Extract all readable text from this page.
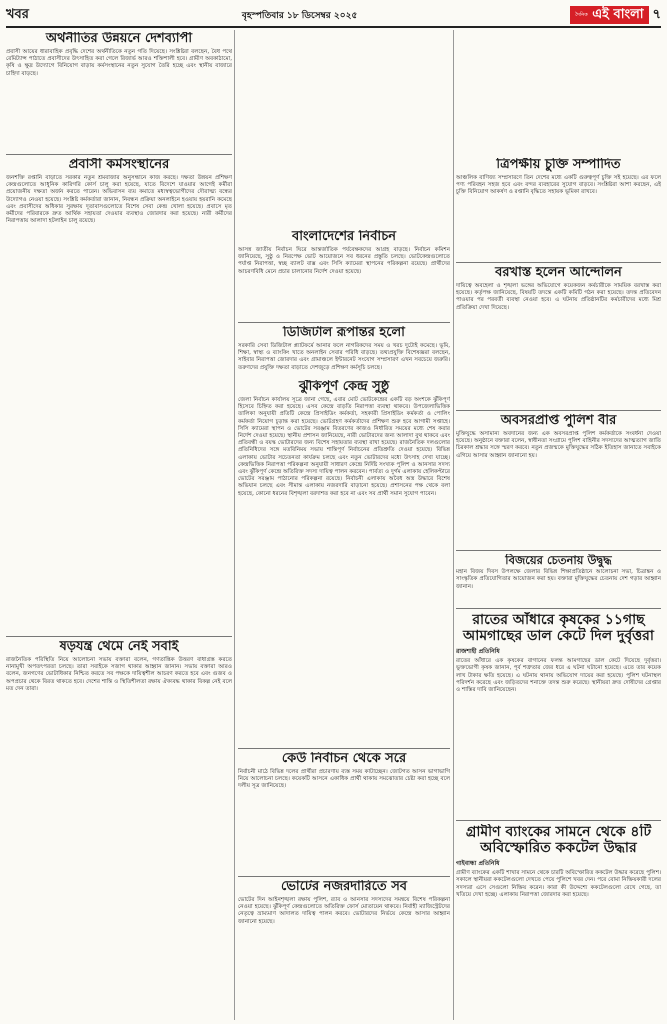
খবর	বৃহস্পতিবার ১৮ ডিসেম্বর ২০২৫	$^{দৈনিক}$ এই বাংলা ৭
অর্থনীতির উন্নয়নে দেশব্যাপী

প্রবাসী আয়ের ধারাবাহিক প্রবৃদ্ধি দেশের অর্থনীতিকে নতুন গতি দিয়েছে। সংশ্লিষ্টরা বলছেন, বৈধ পথে রেমিট্যান্স পাঠাতে প্রবাসীদের উৎসাহিত করা গেলে রিজার্ভ আরও শক্তিশালী হবে। গ্রামীণ অবকাঠামো, কৃষি ও ক্ষুদ্র উদ্যোগে বিনিয়োগ বাড়ায় কর্মসংস্থানের নতুন সুযোগ তৈরি হচ্ছে এবং স্থানীয় বাজারে চাহিদা বাড়ছে।

প্রবাসী কর্মসংস্থানের

জনশক্তি রপ্তানি বাড়াতে সরকার নতুন শ্রমবাজার অনুসন্ধানে কাজ করছে। দক্ষতা উন্নয়ন প্রশিক্ষণ কেন্দ্রগুলোতে আধুনিক কারিগরি কোর্স চালু করা হয়েছে, যাতে বিদেশে যাওয়ার আগেই কর্মীরা প্রয়োজনীয় দক্ষতা অর্জন করতে পারেন। অভিবাসন ব্যয় কমাতে মধ্যস্বত্বভোগীদের দৌরাত্ম্য বন্ধের উদ্যোগও নেওয়া হয়েছে। সংশ্লিষ্ট কর্মকর্তারা জানান, নিবন্ধন প্রক্রিয়া অনলাইনে হওয়ায় হয়রানি কমেছে এবং প্রবাসীদের অধিকার সুরক্ষায় দূতাবাসগুলোতে বিশেষ সেবা কেন্দ্র খোলা হয়েছে। প্রবাসে মৃত কর্মীদের পরিবারকে দ্রুত আর্থিক সহায়তা দেওয়ার ব্যবস্থাও জোরদার করা হয়েছে। নারী কর্মীদের নিরাপত্তায় আলাদা হটলাইন চালু রয়েছে।

ষড়যন্ত্র থেমে নেই সবাই

রাজনৈতিক পরিস্থিতি নিয়ে আলোচনা সভায় বক্তারা বলেন, গণতান্ত্রিক উত্তরণ বাধাগ্রস্ত করতে নানামুখী অপতৎপরতা চলছে। তারা সবাইকে সজাগ থাকার আহ্বান জানান। সভায় বক্তারা আরও বলেন, জনগণের ভোটাধিকার নিশ্চিত করতে সব পক্ষকে দায়িত্বশীল আচরণ করতে হবে এবং গুজব ও অপপ্রচার থেকে বিরত থাকতে হবে। দেশের শান্তি ও স্থিতিশীলতা রক্ষায় ঐক্যবদ্ধ থাকার বিকল্প নেই বলে মত দেন তারা।

বাংলাদেশের নির্বাচন

আসন্ন জাতীয় নির্বাচন ঘিরে আন্তর্জাতিক পর্যবেক্ষকদের আগ্রহ বাড়ছে। নির্বাচন কমিশন জানিয়েছে, সুষ্ঠু ও নিরপেক্ষ ভোট আয়োজনে সব ধরনের প্রস্তুতি চলছে। ভোটকেন্দ্রগুলোতে পর্যাপ্ত নিরাপত্তা, স্বচ্ছ ব্যালট বাক্স এবং সিসি ক্যামেরা স্থাপনের পরিকল্পনা রয়েছে। প্রার্থীদের আচরণবিধি মেনে প্রচার চালানোর নির্দেশ দেওয়া হয়েছে।

ডিজিটাল রূপান্তর হলো

সরকারি সেবা ডিজিটাল প্ল্যাটফর্মে আনার ফলে নাগরিকদের সময় ও খরচ দুটোই কমেছে। ভূমি, শিক্ষা, স্বাস্থ্য ও ব্যাংকিং খাতে অনলাইন সেবার পরিধি বাড়ছে। তথ্যপ্রযুক্তি বিশেষজ্ঞরা বলছেন, সাইবার নিরাপত্তা জোরদার এবং গ্রামাঞ্চলে ইন্টারনেট সংযোগ সম্প্রসারণ এখন সবচেয়ে জরুরি। তরুণদের প্রযুক্তি দক্ষতা বাড়াতে দেশজুড়ে প্রশিক্ষণ কর্মসূচি চলছে।

কেউ নির্বাচন থেকে সরে

নির্বাচনী মাঠে বিভিন্ন দলের প্রার্থীরা প্রচারণায় ব্যস্ত সময় কাটাচ্ছেন। জোটগত আসন ভাগাভাগি নিয়ে আলোচনা চলছে। কয়েকটি আসনে একাধিক প্রার্থী থাকায় সমঝোতার চেষ্টা করা হচ্ছে বলে দলীয় সূত্র জানিয়েছে।

ভোটের নজরদারিতে সব

ভোটের দিন আইনশৃঙ্খলা রক্ষায় পুলিশ, র‍্যাব ও আনসার সদস্যদের সমন্বয়ে বিশেষ পরিকল্পনা নেওয়া হয়েছে। ঝুঁকিপূর্ণ কেন্দ্রগুলোতে অতিরিক্ত ফোর্স মোতায়েন থাকবে। নির্বাহী ম্যাজিস্ট্রেটদের নেতৃত্বে ভ্রাম্যমাণ আদালত দায়িত্ব পালন করবে। ভোটারদের নির্ভয়ে কেন্দ্রে আসার আহ্বান জানানো হয়েছে।

ঝুঁকিপূর্ণ কেন্দ্র সুষ্ঠু

জেলা নির্বাচন কার্যালয় সূত্রে জানা গেছে, এবার মোট ভোটকেন্দ্রের একটি বড় অংশকে ঝুঁকিপূর্ণ হিসেবে চিহ্নিত করা হয়েছে। এসব কেন্দ্রে বাড়তি নিরাপত্তা ব্যবস্থা থাকবে। উপজেলাভিত্তিক তালিকা অনুযায়ী প্রতিটি কেন্দ্রে প্রিসাইডিং কর্মকর্তা, সহকারী প্রিসাইডিং কর্মকর্তা ও পোলিং কর্মকর্তা নিয়োগ চূড়ান্ত করা হয়েছে। ভোটগ্রহণ কর্মকর্তাদের প্রশিক্ষণ শুরু হবে আগামী সপ্তাহে। সিসি ক্যামেরা স্থাপন ও ভোটের সরঞ্জাম বিতরণের কাজও নির্ধারিত সময়ের মধ্যে শেষ করার নির্দেশ দেওয়া হয়েছে। স্থানীয় প্রশাসন জানিয়েছে, নারী ভোটারদের জন্য আলাদা বুথ থাকবে এবং প্রতিবন্ধী ও বয়স্ক ভোটারদের জন্য বিশেষ সহায়তার ব্যবস্থা রাখা হয়েছে। রাজনৈতিক দলগুলোর প্রতিনিধিদের সঙ্গে মতবিনিময় সভায় শান্তিপূর্ণ নির্বাচনের প্রতিশ্রুতি দেওয়া হয়েছে। বিভিন্ন এলাকায় ভোটার সচেতনতা কার্যক্রম চলছে এবং নতুন ভোটারদের মধ্যে উৎসাহ দেখা যাচ্ছে। কেন্দ্রভিত্তিক নিরাপত্তা পরিকল্পনা অনুযায়ী সাধারণ কেন্দ্রে নির্দিষ্ট সংখ্যক পুলিশ ও আনসার সদস্য এবং ঝুঁকিপূর্ণ কেন্দ্রে অতিরিক্ত সদস্য দায়িত্ব পালন করবেন। পার্বত্য ও দুর্গম এলাকায় হেলিকপ্টারে ভোটের সরঞ্জাম পাঠানোর পরিকল্পনা রয়েছে। নির্বাচনী এলাকায় অবৈধ অস্ত্র উদ্ধারে বিশেষ অভিযান চলছে এবং সীমান্ত এলাকায় নজরদারি বাড়ানো হয়েছে। প্রশাসনের পক্ষ থেকে বলা হয়েছে, কোনো ধরনের বিশৃঙ্খলা বরদাশত করা হবে না এবং সব প্রার্থী সমান সুযোগ পাবেন।

ত্রিপক্ষীয় চুক্তি সম্পাদিত

আঞ্চলিক বাণিজ্য সম্প্রসারণে তিন দেশের মধ্যে একটি গুরুত্বপূর্ণ চুক্তি সই হয়েছে। এর ফলে পণ্য পরিবহন সহজ হবে এবং বন্দর ব্যবহারের সুযোগ বাড়বে। সংশ্লিষ্টরা আশা করছেন, এই চুক্তি বিনিয়োগ আকর্ষণ ও রপ্তানি বৃদ্ধিতে সহায়ক ভূমিকা রাখবে।

বরখাস্ত হলেন আন্দোলন

দায়িত্বে অবহেলা ও শৃঙ্খলা ভঙ্গের অভিযোগে কয়েকজন কর্মচারীকে সাময়িক বরখাস্ত করা হয়েছে। কর্তৃপক্ষ জানিয়েছে, বিষয়টি তদন্তে একটি কমিটি গঠন করা হয়েছে। তদন্ত প্রতিবেদন পাওয়ার পর পরবর্তী ব্যবস্থা নেওয়া হবে। এ ঘটনায় প্রতিষ্ঠানটির কর্মচারীদের মধ্যে মিশ্র প্রতিক্রিয়া দেখা দিয়েছে।

অবসরপ্রাপ্ত পুলিশ বীর

মুক্তিযুদ্ধে অসামান্য অবদানের জন্য এক অবসরপ্রাপ্ত পুলিশ কর্মকর্তাকে সংবর্ধনা দেওয়া হয়েছে। অনুষ্ঠানে বক্তারা বলেন, স্বাধীনতা সংগ্রামে পুলিশ বাহিনীর সদস্যদের আত্মত্যাগ জাতি চিরকাল শ্রদ্ধার সঙ্গে স্মরণ করবে। নতুন প্রজন্মকে মুক্তিযুদ্ধের সঠিক ইতিহাস জানাতে সবাইকে এগিয়ে আসার আহ্বান জানানো হয়।

বিজয়ের চেতনায় উদ্বুদ্ধ

মহান বিজয় দিবস উপলক্ষে জেলার বিভিন্ন শিক্ষাপ্রতিষ্ঠানে আলোচনা সভা, চিত্রাঙ্কন ও সাংস্কৃতিক প্রতিযোগিতার আয়োজন করা হয়। বক্তারা মুক্তিযুদ্ধের চেতনায় দেশ গড়ার আহ্বান জানান।

রাতের আঁধারে কৃষকের ১১গাছ আমগাছের ডাল কেটে দিল দুর্বৃত্তরা

রাজশাহী প্রতিনিধি

রাতের আঁধারে এক কৃষকের বাগানের ফলন্ত আমগাছের ডাল কেটে দিয়েছে দুর্বৃত্তরা। ভুক্তভোগী কৃষক জানান, পূর্ব শত্রুতার জের ধরে এ ঘটনা ঘটানো হয়েছে। এতে তার কয়েক লাখ টাকার ক্ষতি হয়েছে। এ ঘটনায় থানায় অভিযোগ দায়ের করা হয়েছে। পুলিশ ঘটনাস্থল পরিদর্শন করেছে এবং জড়িতদের শনাক্তে তদন্ত শুরু করেছে। স্থানীয়রা দ্রুত দোষীদের গ্রেপ্তার ও শাস্তির দাবি জানিয়েছেন।

গ্রামীণ ব্যাংকের সামনে থেকে ৪টি অবিস্ফোরিত ককটেল উদ্ধার

গাইবান্ধা প্রতিনিধি

গ্রামীণ ব্যাংকের একটি শাখার সামনে থেকে চারটি অবিস্ফোরিত ককটেল উদ্ধার করেছে পুলিশ। সকালে স্থানীয়রা ককটেলগুলো দেখতে পেয়ে পুলিশে খবর দেন। পরে বোমা নিষ্ক্রিয়কারী দলের সদস্যরা এসে সেগুলো নিষ্ক্রিয় করেন। কারা কী উদ্দেশ্যে ককটেলগুলো রেখে গেছে, তা খতিয়ে দেখা হচ্ছে। এলাকায় নিরাপত্তা জোরদার করা হয়েছে।
